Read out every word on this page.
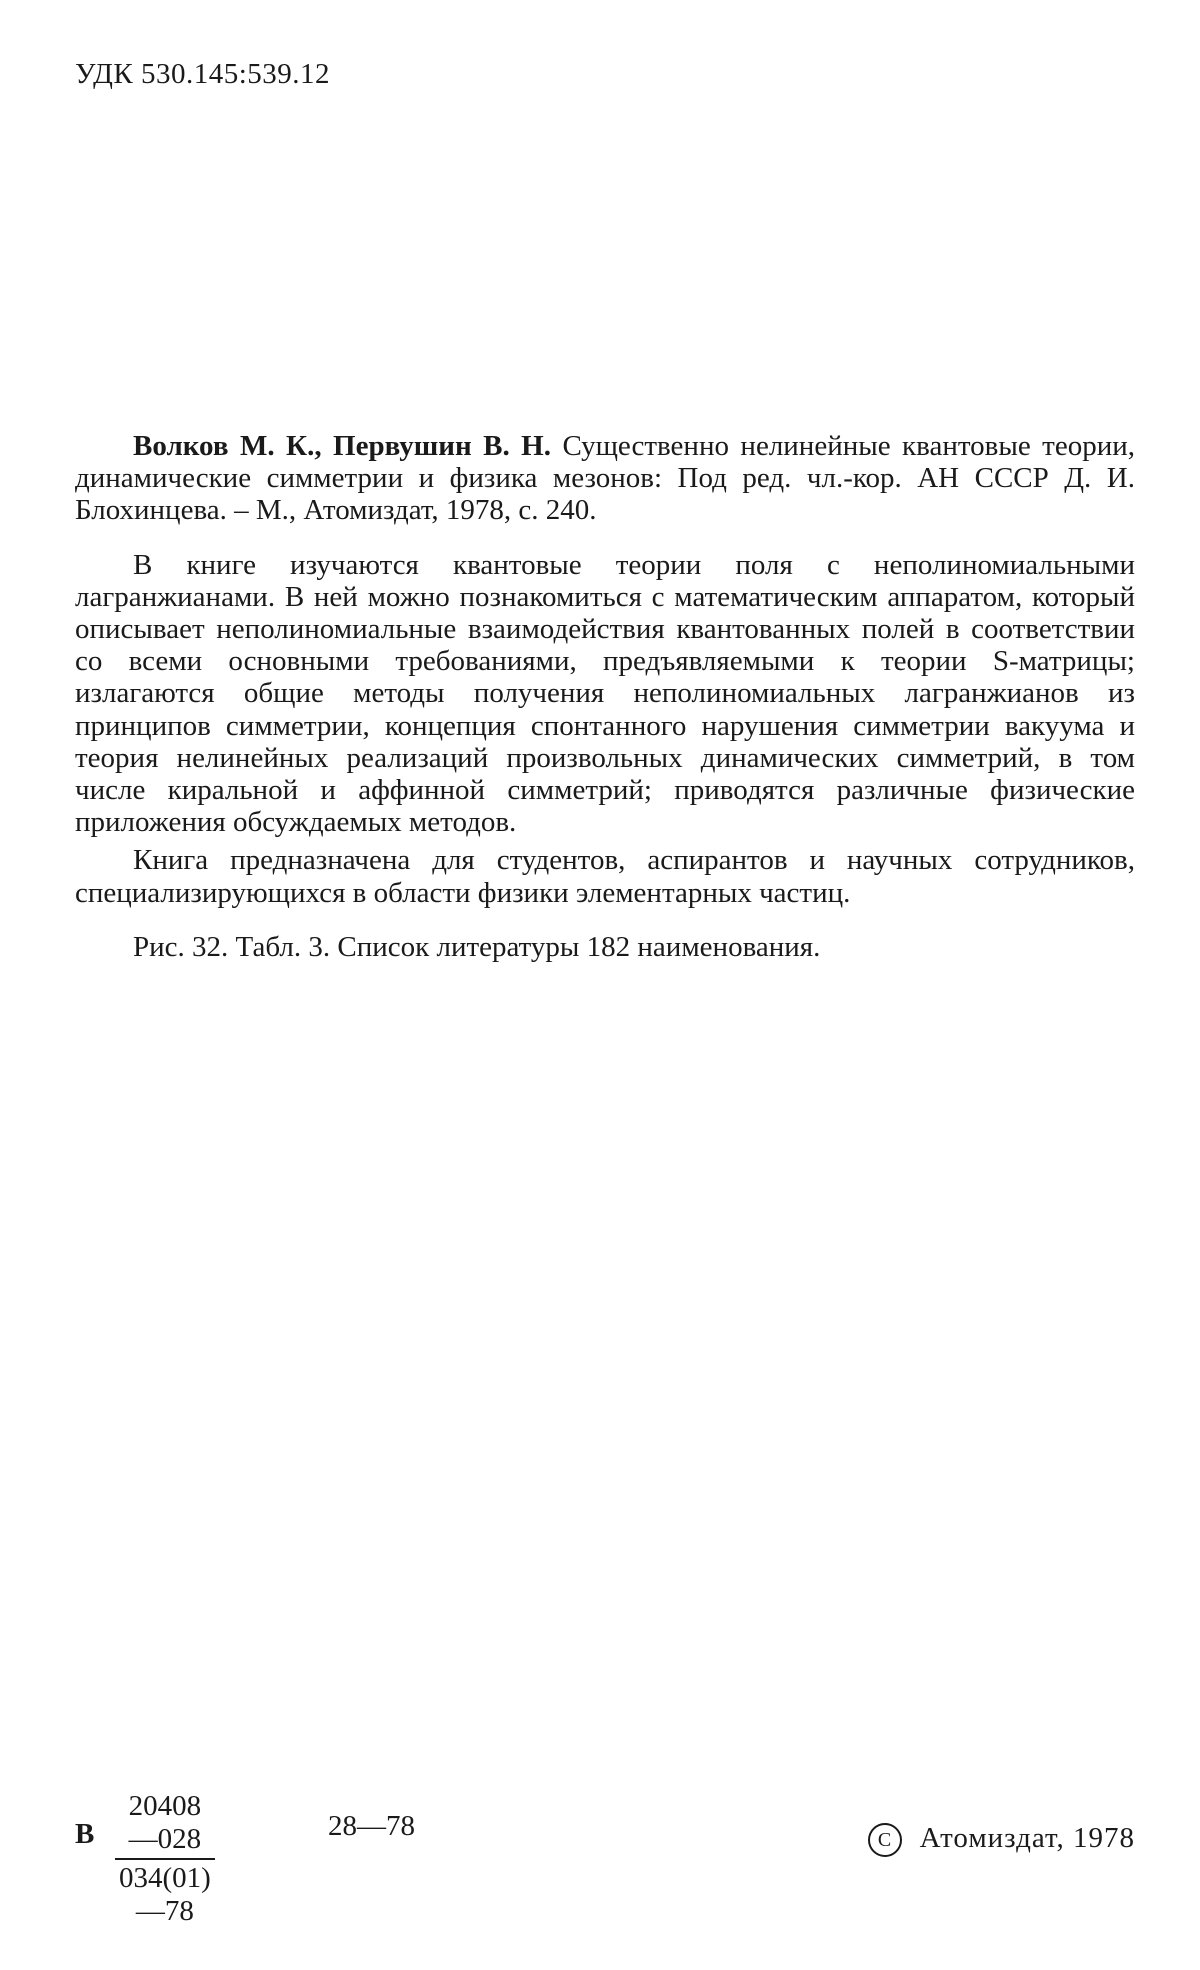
УДК 530.145:539.12

Волков М. К., Первушин В. Н. Существенно нелинейные квантовые теории, динамические симметрии и физика мезонов: Под ред. чл.-кор. АН СССР Д. И. Блохинцева. – М., Атомиздат, 1978, с. 240.

В книге изучаются квантовые теории поля с неполиномиальными лагранжианами. В ней можно познакомиться с математическим аппаратом, который описывает неполиномиальные взаимодействия квантованных полей в соответствии со всеми основными требованиями, предъявляемыми к теории S-матрицы; излагаются общие методы получения неполиномиальных лагранжианов из принципов симметрии, концепция спонтанного нарушения симметрии вакуума и теория нелинейных реализаций произвольных динамических симметрий, в том числе киральной и аффинной симметрий; приводятся различные физические приложения обсуждаемых методов.

Книга предназначена для студентов, аспирантов и научных сотрудников, специализирующихся в области физики элементарных частиц.

Рис. 32. Табл. 3. Список литературы 182 наименования.

В $\frac{20408—028}{034(01)—78}$	28—78	С Атомиздат, 1978
